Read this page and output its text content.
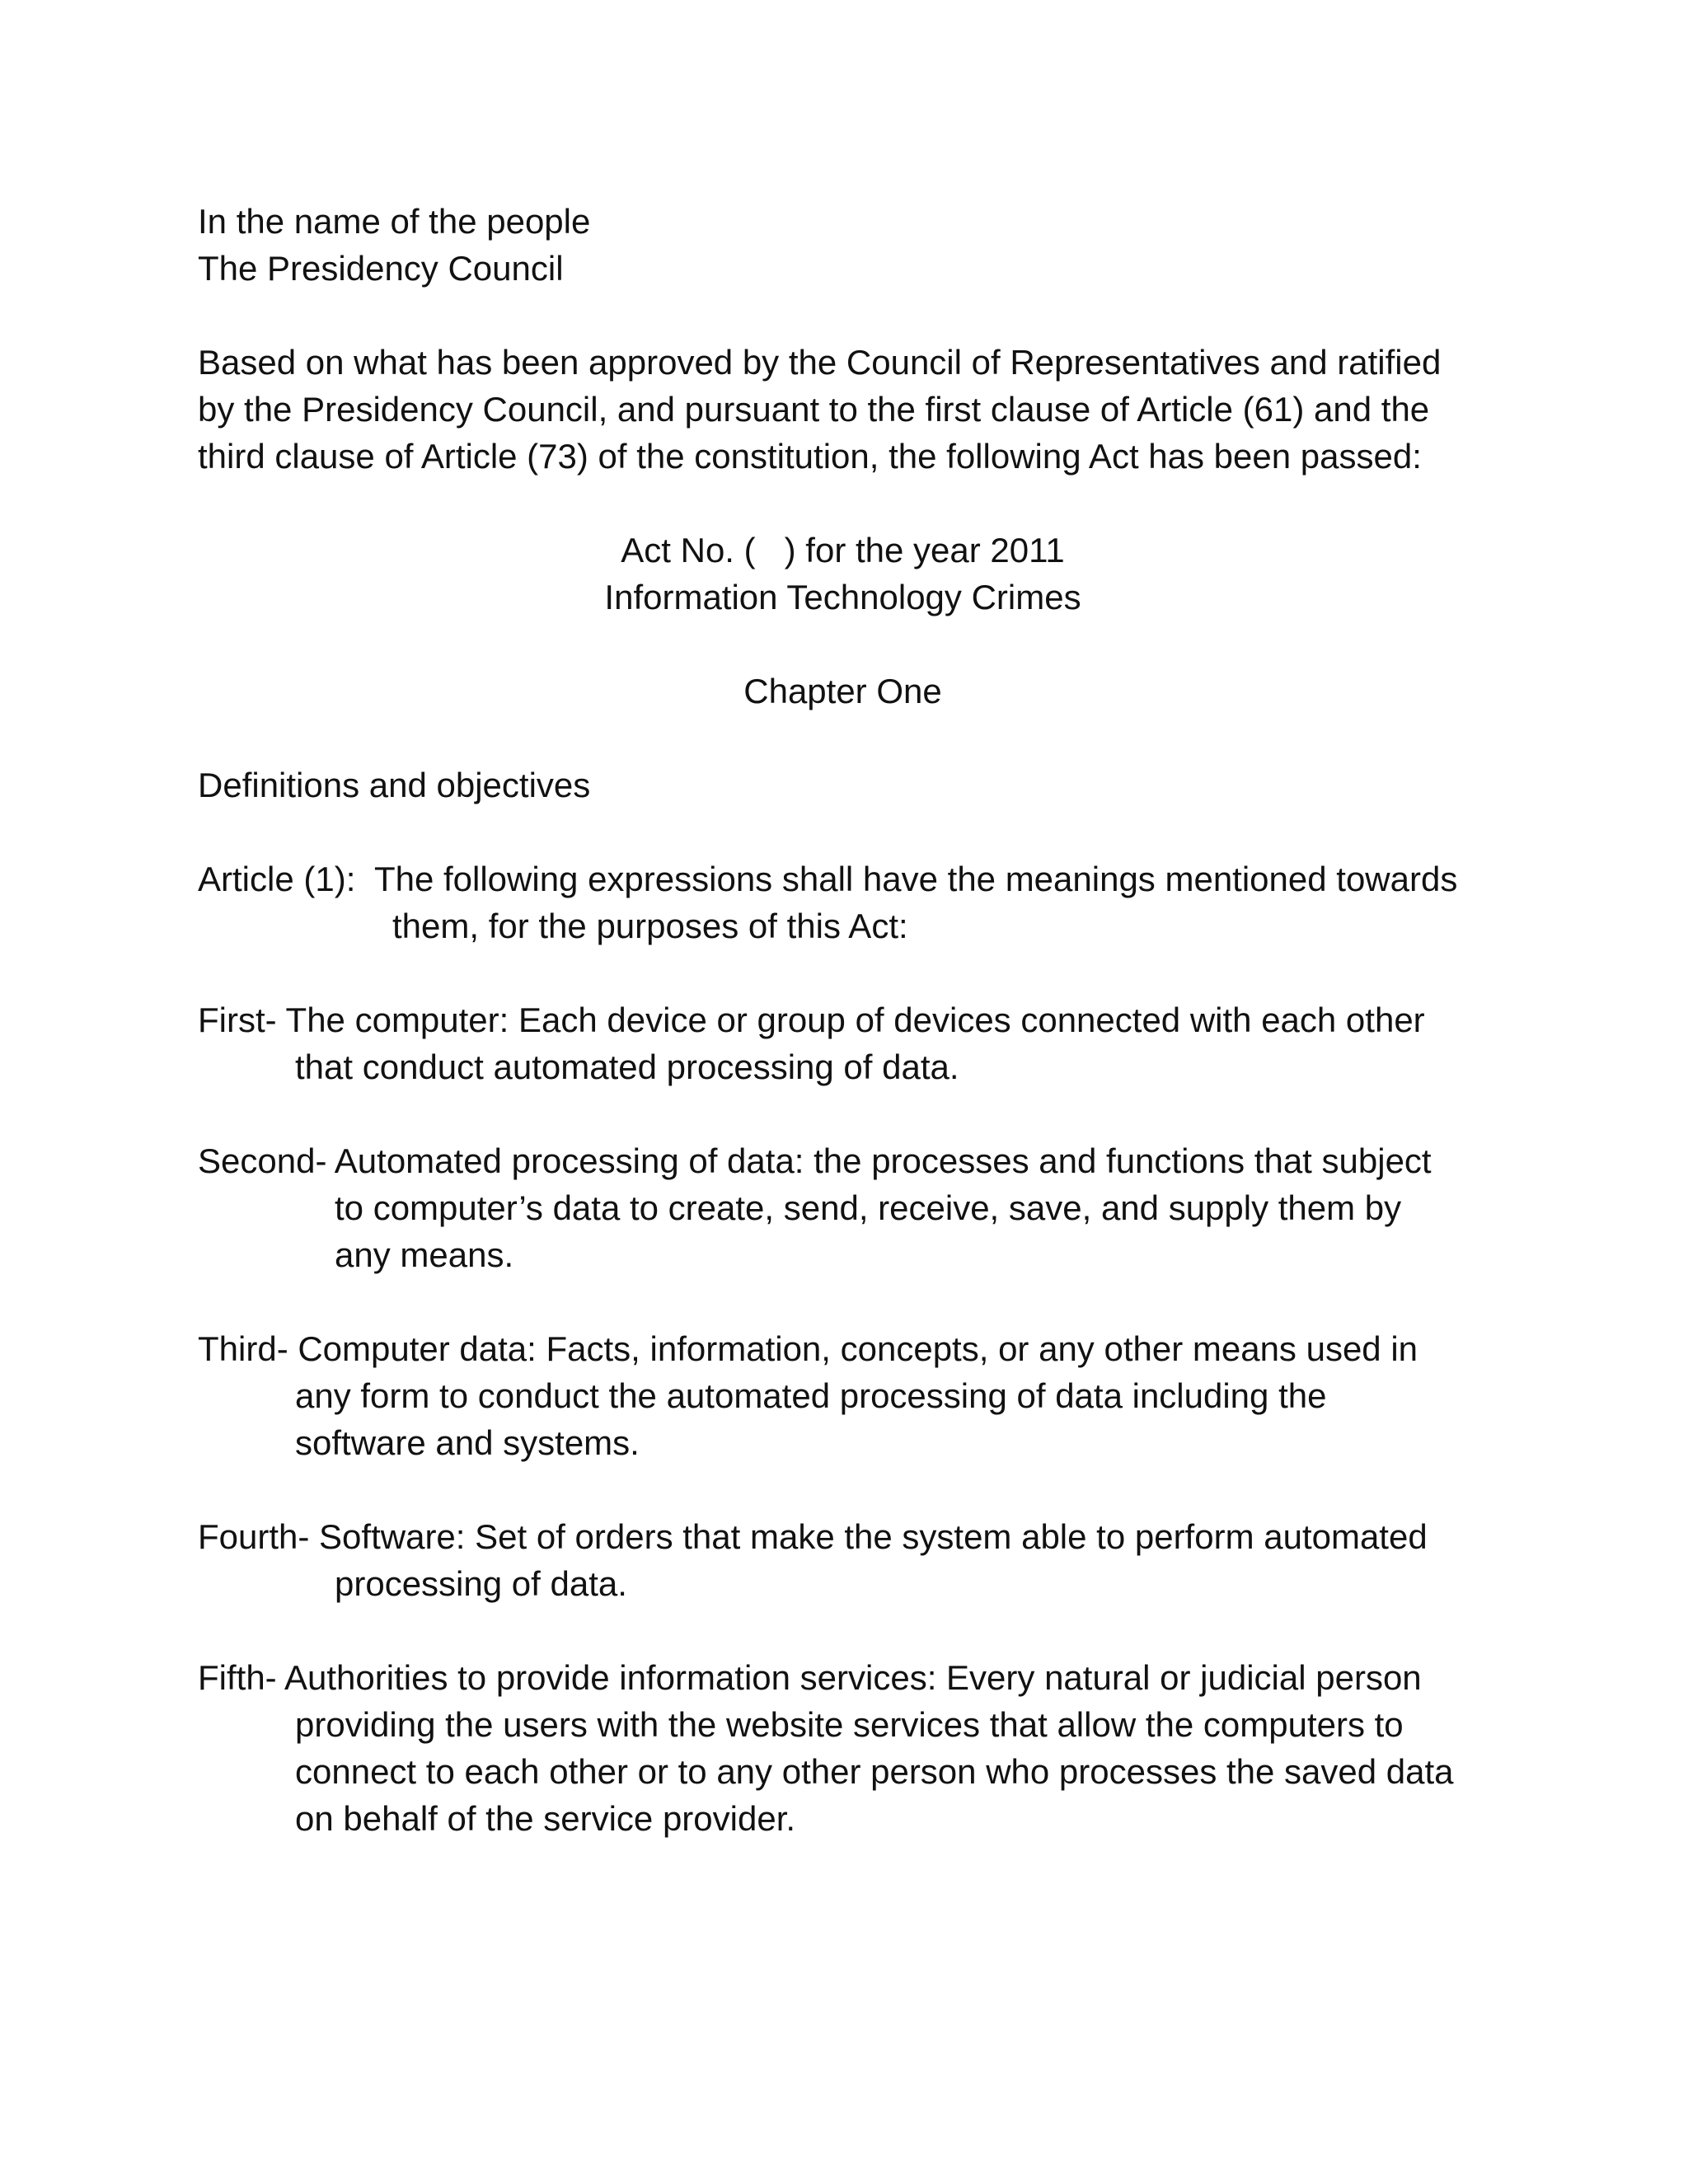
In the name of the people
The Presidency Council
Based on what has been approved by the Council of Representatives and ratified
by the Presidency Council, and pursuant to the first clause of Article (61) and the
third clause of Article (73) of the constitution, the following Act has been passed:
Act No. (   ) for the year 2011
Information Technology Crimes
Chapter One
Definitions and objectives
Article (1):  The following expressions shall have the meanings mentioned towards
them, for the purposes of this Act:
First- The computer: Each device or group of devices connected with each other
that conduct automated processing of data.
Second- Automated processing of data: the processes and functions that subject
to computer’s data to create, send, receive, save, and supply them by
any means.
Third- Computer data: Facts, information, concepts, or any other means used in
any form to conduct the automated processing of data including the
software and systems.
Fourth- Software: Set of orders that make the system able to perform automated
processing of data.
Fifth- Authorities to provide information services: Every natural or judicial person
providing the users with the website services that allow the computers to
connect to each other or to any other person who processes the saved data
on behalf of the service provider.
